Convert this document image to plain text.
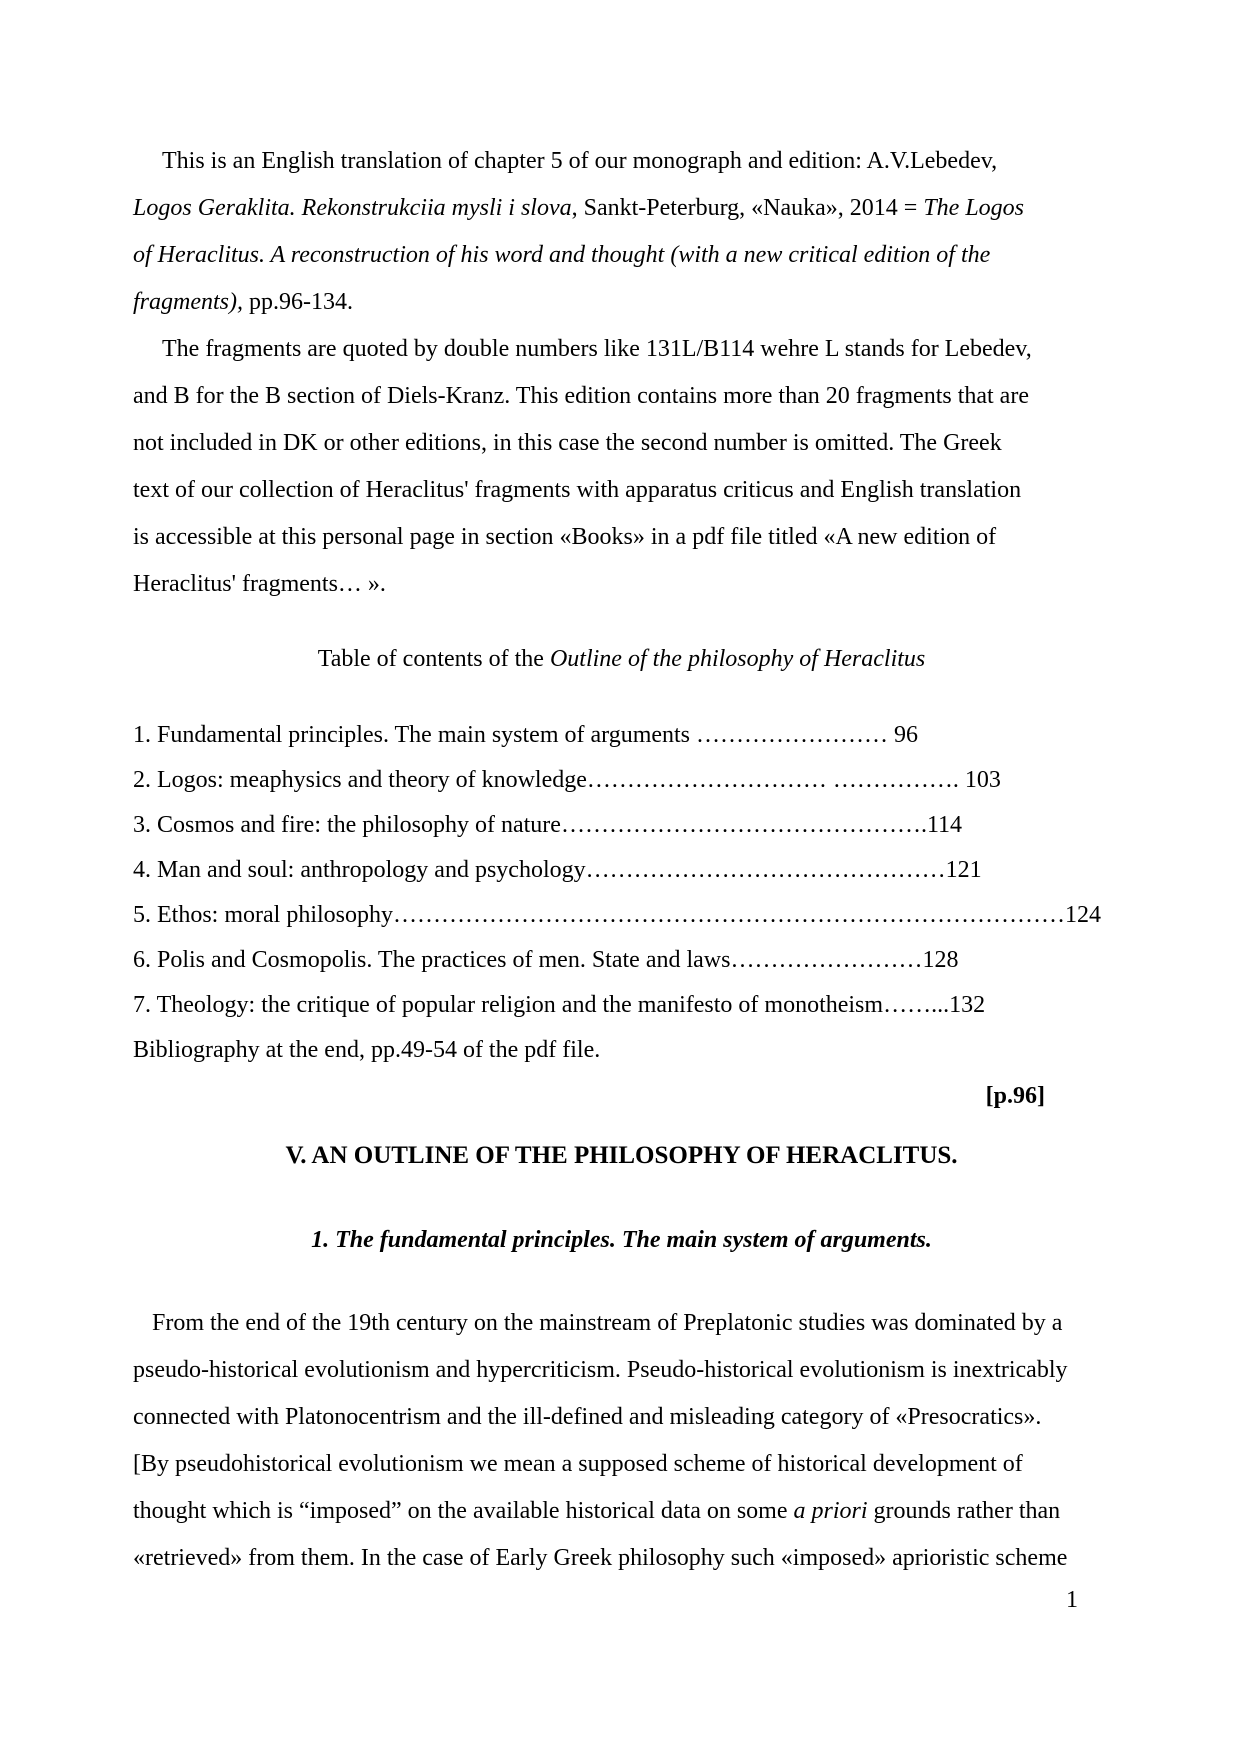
This is an English translation of chapter 5 of our monograph and edition: A.V.Lebedev,
Logos Geraklita. Rekonstrukciia mysli i slova, Sankt-Peterburg, «Nauka», 2014 = The Logos
of Heraclitus. A reconstruction of his word and thought (with a new critical edition of the
fragments), pp.96-134.

The fragments are quoted by double numbers like 131L/B114 wehre L stands for Lebedev,
and B for the B section of Diels-Kranz. This edition contains more than 20 fragments that are
not included in DK or other editions, in this case the second number is omitted. The Greek
text of our collection of Heraclitus' fragments with apparatus criticus and English translation
is accessible at this personal page in section «Books» in a pdf file titled «A new edition of
Heraclitus' fragments… ».

Table of contents of the Outline of the philosophy of Heraclitus
1. Fundamental principles. The main system of arguments …………………… 96
2. Logos: meaphysics and theory of knowledge………………………… ……………. 103
3. Cosmos and fire: the philosophy of nature……………………………………….114
4. Man and soul: anthropology and psychology………………………………………121
5. Ethos: moral philosophy…………………………………………………………………………124
6. Polis and Cosmopolis. The practices of men. State and laws……………………128
7. Theology: the critique of popular religion and the manifesto of monotheism……...132
Bibliography at the end, pp.49-54 of the pdf file.
[p.96]
V. AN OUTLINE OF THE PHILOSOPHY OF HERACLITUS.
1. The fundamental principles. The main system of arguments.

From the end of the 19th century on the mainstream of Preplatonic studies was dominated by a
pseudo-historical evolutionism and hypercriticism. Pseudo-historical evolutionism is inextricably
connected with Platonocentrism and the ill-defined and misleading category of «Presocratics».
[By pseudohistorical evolutionism we mean a supposed scheme of historical development of
thought which is “imposed” on the available historical data on some a priori grounds rather than
«retrieved» from them. In the case of Early Greek philosophy such «imposed» aprioristic scheme

1
